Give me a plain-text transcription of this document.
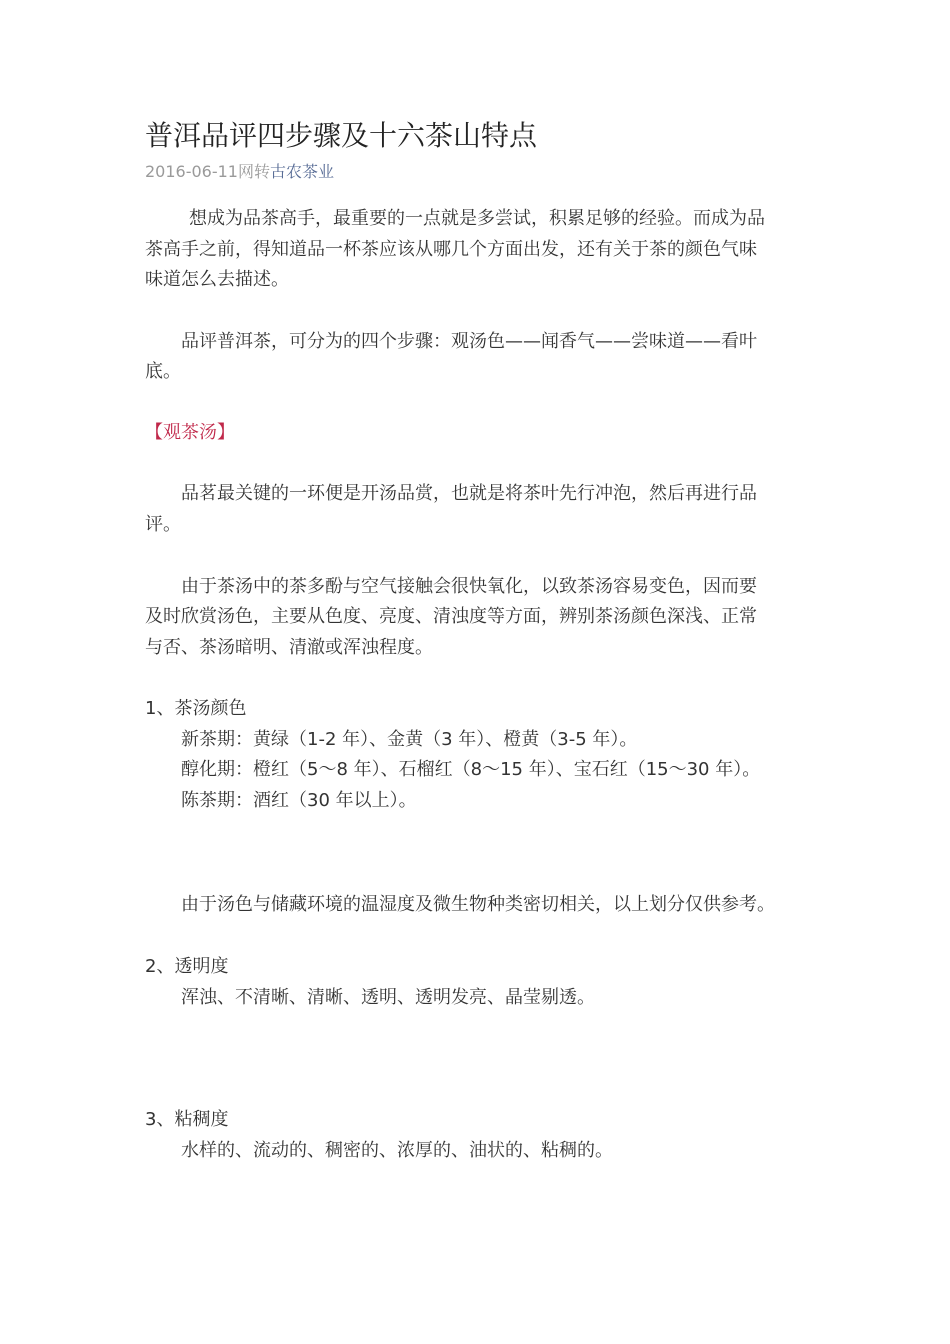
普洱品评四步骤及十六茶山特点
2016-06-11网转古农茶业
想成为品茶高手，最重要的一点就是多尝试，积累足够的经验。而成为品
茶高手之前，得知道品一杯茶应该从哪几个方面出发，还有关于茶的颜色气味
味道怎么去描述。
品评普洱茶，可分为的四个步骤：观汤色——闻香气——尝味道——看叶
底。
【观茶汤】
品茗最关键的一环便是开汤品赏，也就是将茶叶先行冲泡，然后再进行品
评。
由于茶汤中的茶多酚与空气接触会很快氧化，以致茶汤容易变色，因而要
及时欣赏汤色，主要从色度、亮度、清浊度等方面，辨别茶汤颜色深浅、正常
与否、茶汤暗明、清澈或浑浊程度。
1、茶汤颜色
新茶期：黄绿（1-2 年）、金黄（3 年）、橙黄（3-5 年）。
醇化期：橙红（5～8 年）、石榴红（8～15 年）、宝石红（15～30 年）。
陈茶期：酒红（30 年以上）。
由于汤色与储藏环境的温湿度及微生物种类密切相关，以上划分仅供参考。
2、透明度
浑浊、不清晰、清晰、透明、透明发亮、晶莹剔透。
3、粘稠度
水样的、流动的、稠密的、浓厚的、油状的、粘稠的。
